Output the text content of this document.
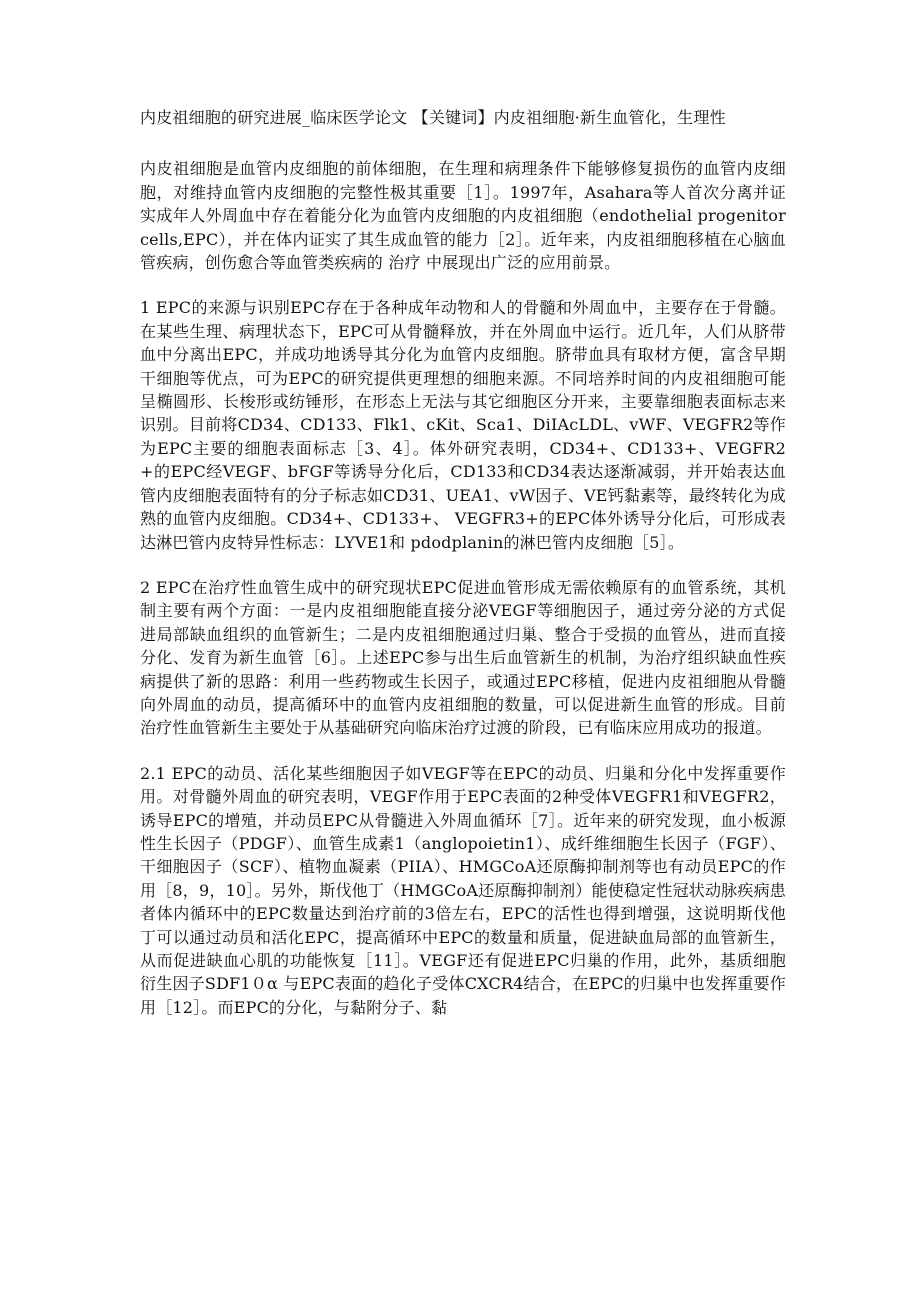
内皮祖细胞的研究进展_临床医学论文 【关键词】内皮祖细胞·新生血管化，生理性

内皮祖细胞是血管内皮细胞的前体细胞，在生理和病理条件下能够修复损伤的血管内皮细胞，对维持血管内皮细胞的完整性极其重要［1］。1997年，Asahara等人首次分离并证实成年人外周血中存在着能分化为血管内皮细胞的内皮祖细胞（endothelial progenitor cells,EPC），并在体内证实了其生成血管的能力［2］。近年来，内皮祖细胞移植在心脑血管疾病，创伤愈合等血管类疾病的 治疗 中展现出广泛的应用前景。

1 EPC的来源与识别EPC存在于各种成年动物和人的骨髓和外周血中，主要存在于骨髓。在某些生理、病理状态下，EPC可从骨髓释放，并在外周血中运行。近几年，人们从脐带血中分离出EPC，并成功地诱导其分化为血管内皮细胞。脐带血具有取材方便，富含早期干细胞等优点，可为EPC的研究提供更理想的细胞来源。不同培养时间的内皮祖细胞可能呈椭圆形、长梭形或纺锤形，在形态上无法与其它细胞区分开来，主要靠细胞表面标志来识别。目前将CD34、CD133、Flk1、cKit、Sca1、DiIAcLDL、vWF、VEGFR2等作为EPC主要的细胞表面标志［3、4］。体外研究表明，CD34+、CD133+、VEGFR2+的EPC经VEGF、bFGF等诱导分化后，CD133和CD34表达逐渐减弱，并开始表达血管内皮细胞表面特有的分子标志如CD31、UEA1、vW因子、VE钙黏素等，最终转化为成熟的血管内皮细胞。CD34+、CD133+、 VEGFR3+的EPC体外诱导分化后，可形成表达淋巴管内皮特异性标志：LYVE1和 pdodplanin的淋巴管内皮细胞［5］。

2 EPC在治疗性血管生成中的研究现状EPC促进血管形成无需依赖原有的血管系统，其机制主要有两个方面：一是内皮祖细胞能直接分泌VEGF等细胞因子，通过旁分泌的方式促进局部缺血组织的血管新生；二是内皮祖细胞通过归巢、整合于受损的血管丛，进而直接分化、发育为新生血管［6］。上述EPC参与出生后血管新生的机制，为治疗组织缺血性疾病提供了新的思路：利用一些药物或生长因子，或通过EPC移植，促进内皮祖细胞从骨髓向外周血的动员，提高循环中的血管内皮祖细胞的数量，可以促进新生血管的形成。目前治疗性血管新生主要处于从基础研究向临床治疗过渡的阶段，已有临床应用成功的报道。

2.1 EPC的动员、活化某些细胞因子如VEGF等在EPC的动员、归巢和分化中发挥重要作用。对骨髓外周血的研究表明，VEGF作用于EPC表面的2种受体VEGFR1和VEGFR2，诱导EPC的增殖，并动员EPC从骨髓进入外周血循环［7］。近年来的研究发现，血小板源性生长因子（PDGF）、血管生成素1（anglopoietin1）、成纤维细胞生长因子（FGF）、干细胞因子（SCF）、植物血凝素（PIIA）、HMGCoA还原酶抑制剂等也有动员EPC的作用［8，9，10］。另外，斯伐他丁（HMGCoA还原酶抑制剂）能使稳定性冠状动脉疾病患者体内循环中的EPC数量达到治疗前的3倍左右，EPC的活性也得到增强，这说明斯伐他丁可以通过动员和活化EPC，提高循环中EPC的数量和质量，促进缺血局部的血管新生，从而促进缺血心肌的功能恢复［11］。VEGF还有促进EPC归巢的作用，此外，基质细胞衍生因子SDF1０α 与EPC表面的趋化子受体CXCR4结合，在EPC的归巢中也发挥重要作用［12］。而EPC的分化，与黏附分子、黏
